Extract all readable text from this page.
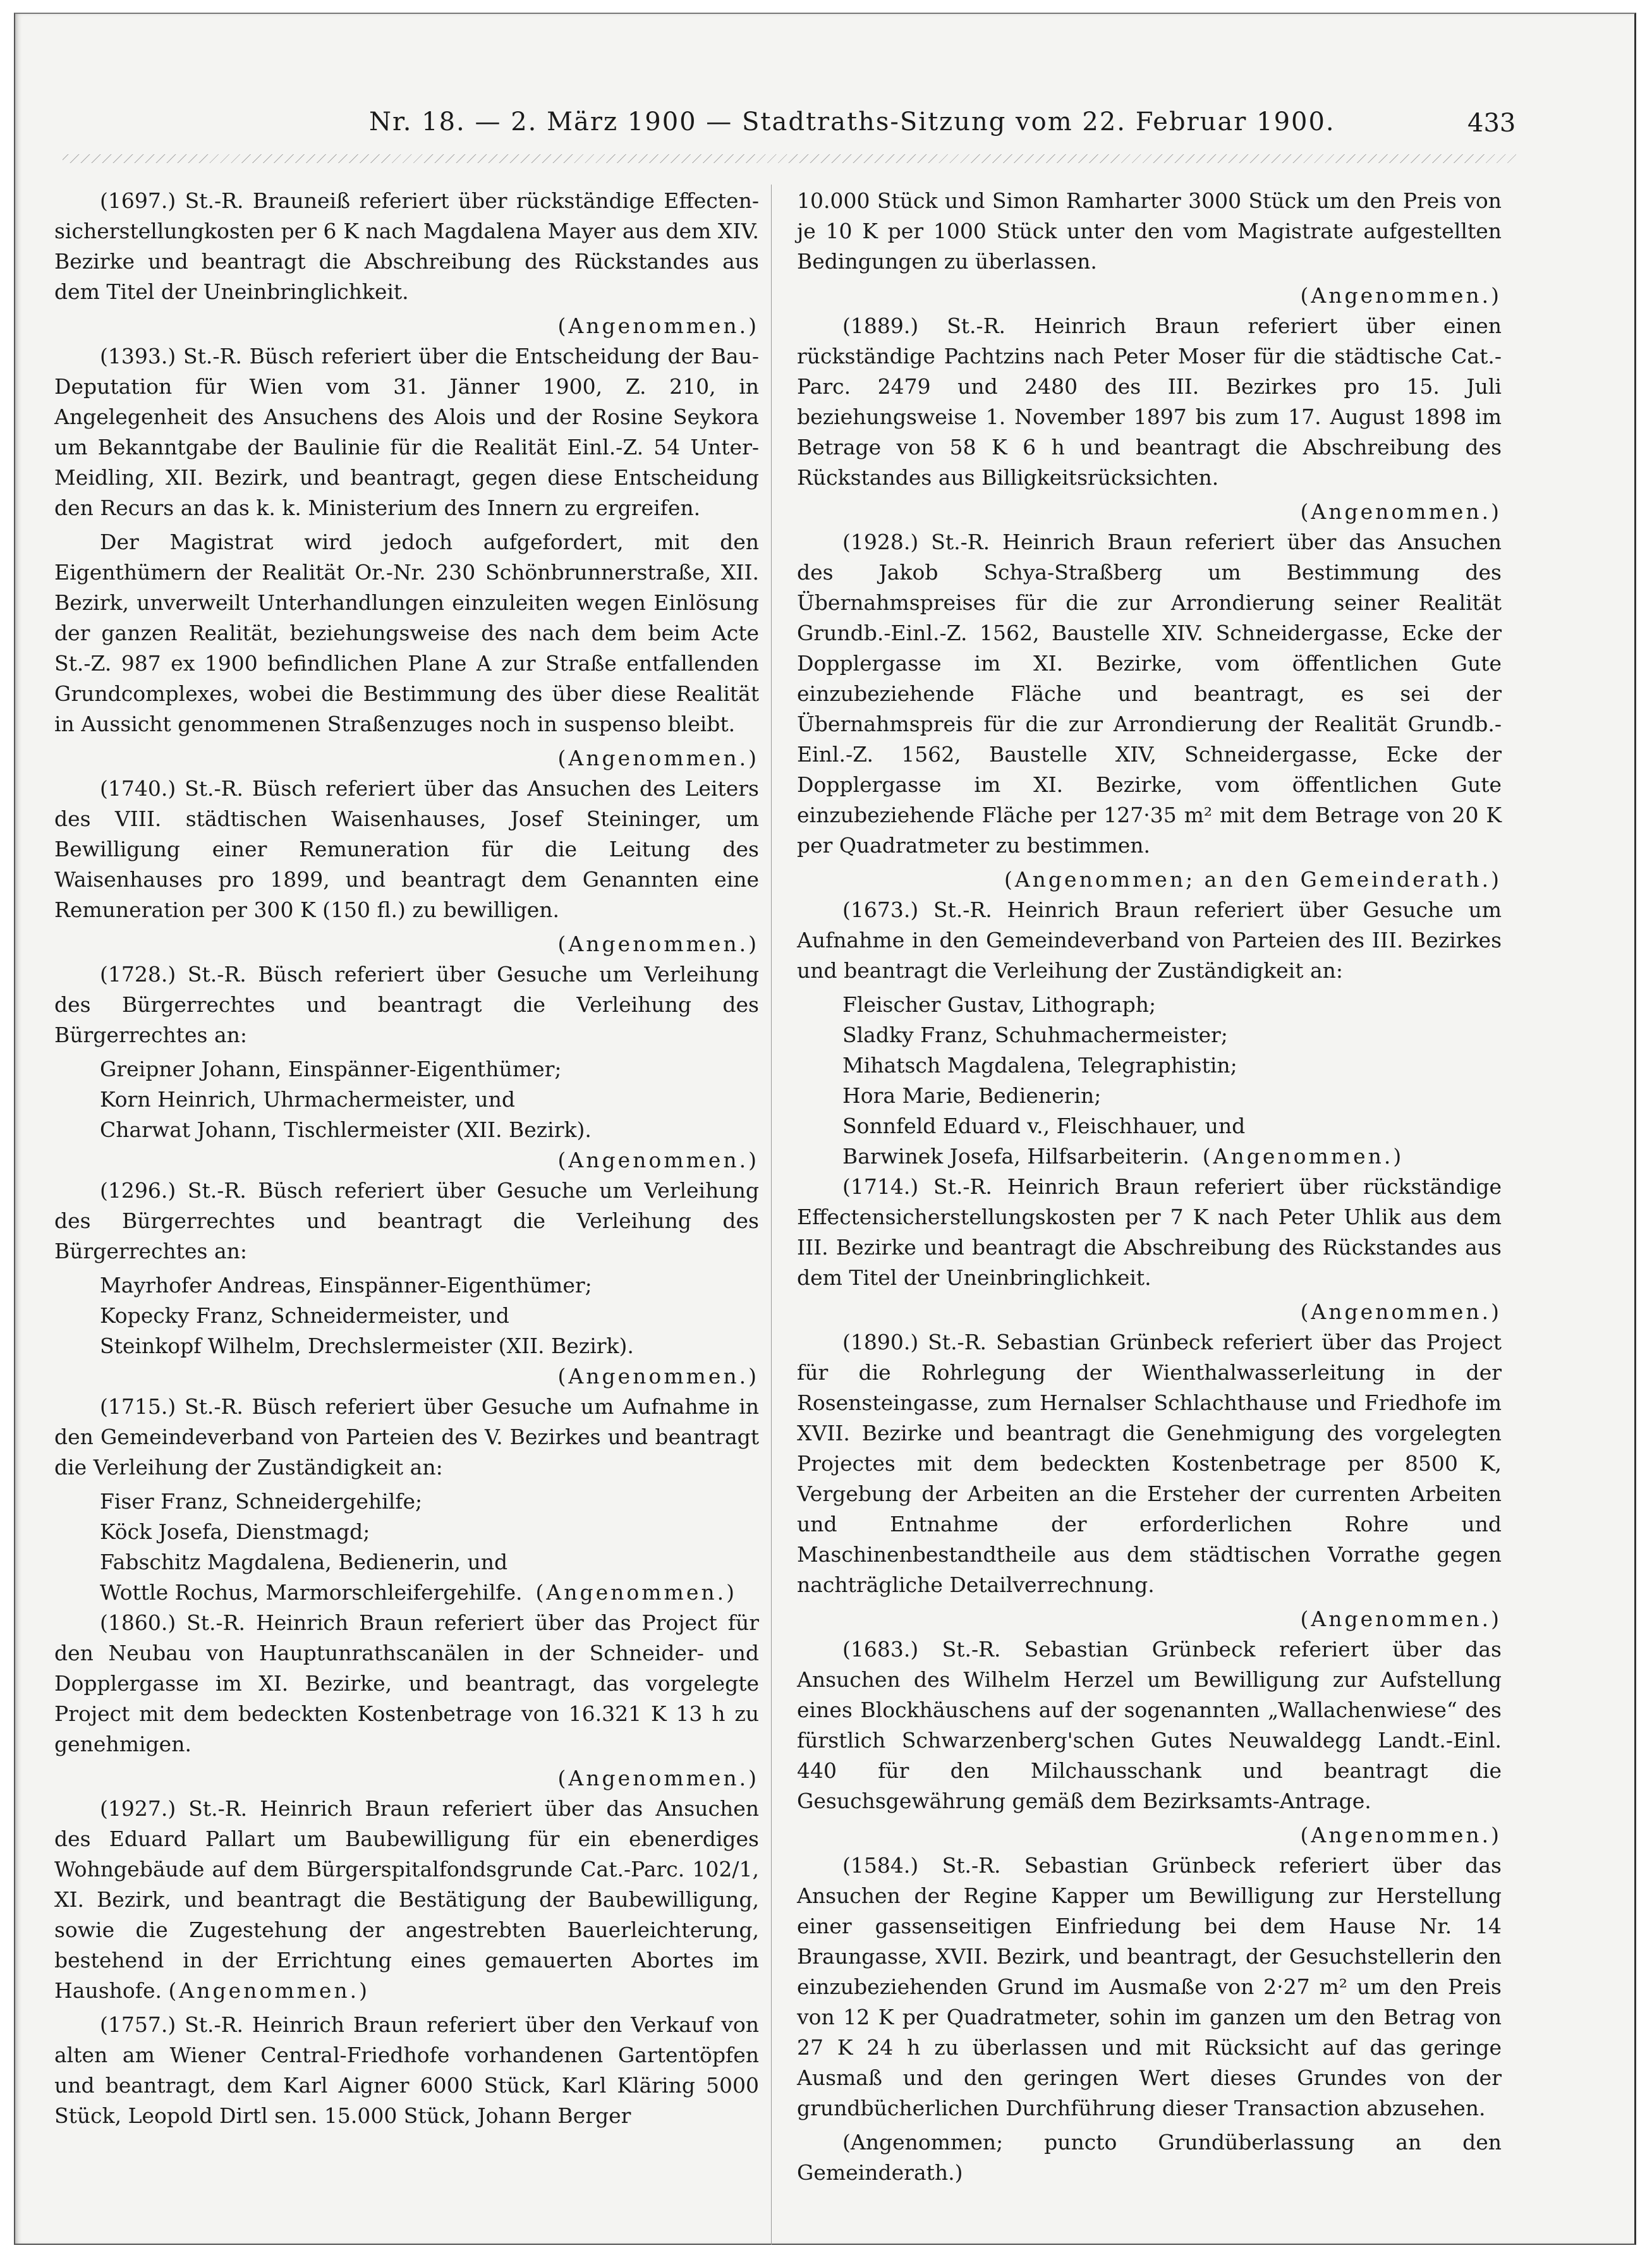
Nr. 18. — 2. März 1900 — Stadtraths-Sitzung vom 22. Februar 1900.	433

(1697.) St.-R. Brauneiß referiert über rückständige Effecten-sicherstellungkosten per 6 K nach Magdalena Mayer aus dem XIV. Bezirke und beantragt die Abschreibung des Rückstandes aus dem Titel der Uneinbringlichkeit.

(Angenommen.)

(1393.) St.-R. Büsch referiert über die Entscheidung der Bau-Deputation für Wien vom 31. Jänner 1900, Z. 210, in Angelegenheit des Ansuchens des Alois und der Rosine Seykora um Bekanntgabe der Baulinie für die Realität Einl.-Z. 54 Unter-Meidling, XII. Bezirk, und beantragt, gegen diese Entscheidung den Recurs an das k. k. Ministerium des Innern zu ergreifen.

Der Magistrat wird jedoch aufgefordert, mit den Eigenthümern der Realität Or.-Nr. 230 Schönbrunnerstraße, XII. Bezirk, unverweilt Unterhandlungen einzuleiten wegen Einlösung der ganzen Realität, beziehungsweise des nach dem beim Acte St.-Z. 987 ex 1900 befindlichen Plane A zur Straße entfallenden Grundcomplexes, wobei die Bestimmung des über diese Realität in Aussicht genommenen Straßenzuges noch in suspenso bleibt.

(Angenommen.)

(1740.) St.-R. Büsch referiert über das Ansuchen des Leiters des VIII. städtischen Waisenhauses, Josef Steininger, um Bewilligung einer Remuneration für die Leitung des Waisenhauses pro 1899, und beantragt dem Genannten eine Remuneration per 300 K (150 fl.) zu bewilligen.

(Angenommen.)

(1728.) St.-R. Büsch referiert über Gesuche um Verleihung des Bürgerrechtes und beantragt die Verleihung des Bürgerrechtes an:

Greipner Johann, Einspänner-Eigenthümer;
Korn Heinrich, Uhrmachermeister, und
Charwat Johann, Tischlermeister (XII. Bezirk).
(Angenommen.)

(1296.) St.-R. Büsch referiert über Gesuche um Verleihung des Bürgerrechtes und beantragt die Verleihung des Bürgerrechtes an:

Mayrhofer Andreas, Einspänner-Eigenthümer;
Kopecky Franz, Schneidermeister, und
Steinkopf Wilhelm, Drechslermeister (XII. Bezirk).
(Angenommen.)

(1715.) St.-R. Büsch referiert über Gesuche um Aufnahme in den Gemeindeverband von Parteien des V. Bezirkes und beantragt die Verleihung der Zuständigkeit an:

Fiser Franz, Schneidergehilfe;
Köck Josefa, Dienstmagd;
Fabschitz Magdalena, Bedienerin, und
Wottle Rochus, Marmorschleifergehilfe. (Angenommen.)

(1860.) St.-R. Heinrich Braun referiert über das Project für den Neubau von Hauptunrathscanälen in der Schneider- und Dopplergasse im XI. Bezirke, und beantragt, das vorgelegte Project mit dem bedeckten Kostenbetrage von 16.321 K 13 h zu genehmigen.

(Angenommen.)

(1927.) St.-R. Heinrich Braun referiert über das Ansuchen des Eduard Pallart um Baubewilligung für ein ebenerdiges Wohngebäude auf dem Bürgerspitalfondsgrunde Cat.-Parc. 102/1, XI. Bezirk, und beantragt die Bestätigung der Baubewilligung, sowie die Zugestehung der angestrebten Bauerleichterung, bestehend in der Errichtung eines gemauerten Abortes im Haushofe. (Angenommen.)

(1757.) St.-R. Heinrich Braun referiert über den Verkauf von alten am Wiener Central-Friedhofe vorhandenen Gartentöpfen und beantragt, dem Karl Aigner 6000 Stück, Karl Kläring 5000 Stück, Leopold Dirtl sen. 15.000 Stück, Johann Berger

10.000 Stück und Simon Ramharter 3000 Stück um den Preis von je 10 K per 1000 Stück unter den vom Magistrate aufgestellten Bedingungen zu überlassen.

(Angenommen.)

(1889.) St.-R. Heinrich Braun referiert über einen rückständige Pachtzins nach Peter Moser für die städtische Cat.-Parc. 2479 und 2480 des III. Bezirkes pro 15. Juli beziehungsweise 1. November 1897 bis zum 17. August 1898 im Betrage von 58 K 6 h und beantragt die Abschreibung des Rückstandes aus Billigkeitsrücksichten.

(Angenommen.)

(1928.) St.-R. Heinrich Braun referiert über das Ansuchen des Jakob Schya-Straßberg um Bestimmung des Übernahmspreises für die zur Arrondierung seiner Realität Grundb.-Einl.-Z. 1562, Baustelle XIV. Schneidergasse, Ecke der Dopplergasse im XI. Bezirke, vom öffentlichen Gute einzubeziehende Fläche und beantragt, es sei der Übernahmspreis für die zur Arrondierung der Realität Grundb.-Einl.-Z. 1562, Baustelle XIV, Schneidergasse, Ecke der Dopplergasse im XI. Bezirke, vom öffentlichen Gute einzubeziehende Fläche per 127·35 m² mit dem Betrage von 20 K per Quadratmeter zu bestimmen.

(Angenommen; an den Gemeinderath.)

(1673.) St.-R. Heinrich Braun referiert über Gesuche um Aufnahme in den Gemeindeverband von Parteien des III. Bezirkes und beantragt die Verleihung der Zuständigkeit an:

Fleischer Gustav, Lithograph;
Sladky Franz, Schuhmachermeister;
Mihatsch Magdalena, Telegraphistin;
Hora Marie, Bedienerin;
Sonnfeld Eduard v., Fleischhauer, und
Barwinek Josefa, Hilfsarbeiterin. (Angenommen.)

(1714.) St.-R. Heinrich Braun referiert über rückständige Effectensicherstellungskosten per 7 K nach Peter Uhlik aus dem III. Bezirke und beantragt die Abschreibung des Rückstandes aus dem Titel der Uneinbringlichkeit.

(Angenommen.)

(1890.) St.-R. Sebastian Grünbeck referiert über das Project für die Rohrlegung der Wienthalwasserleitung in der Rosensteingasse, zum Hernalser Schlachthause und Friedhofe im XVII. Bezirke und beantragt die Genehmigung des vorgelegten Projectes mit dem bedeckten Kostenbetrage per 8500 K, Vergebung der Arbeiten an die Ersteher der currenten Arbeiten und Entnahme der erforderlichen Rohre und Maschinenbestandtheile aus dem städtischen Vorrathe gegen nachträgliche Detailverrechnung.

(Angenommen.)

(1683.) St.-R. Sebastian Grünbeck referiert über das Ansuchen des Wilhelm Herzel um Bewilligung zur Aufstellung eines Blockhäuschens auf der sogenannten „Wallachenwiese“ des fürstlich Schwarzenberg'schen Gutes Neuwaldegg Landt.-Einl. 440 für den Milchausschank und beantragt die Gesuchsgewährung gemäß dem Bezirksamts-Antrage.

(Angenommen.)

(1584.) St.-R. Sebastian Grünbeck referiert über das Ansuchen der Regine Kapper um Bewilligung zur Herstellung einer gassenseitigen Einfriedung bei dem Hause Nr. 14 Braungasse, XVII. Bezirk, und beantragt, der Gesuchstellerin den einzubeziehenden Grund im Ausmaße von 2·27 m² um den Preis von 12 K per Quadratmeter, sohin im ganzen um den Betrag von 27 K 24 h zu überlassen und mit Rücksicht auf das geringe Ausmaß und den geringen Wert dieses Grundes von der grundbücherlichen Durchführung dieser Transaction abzusehen.

(Angenommen; puncto Grundüberlassung an den Gemeinderath.)
